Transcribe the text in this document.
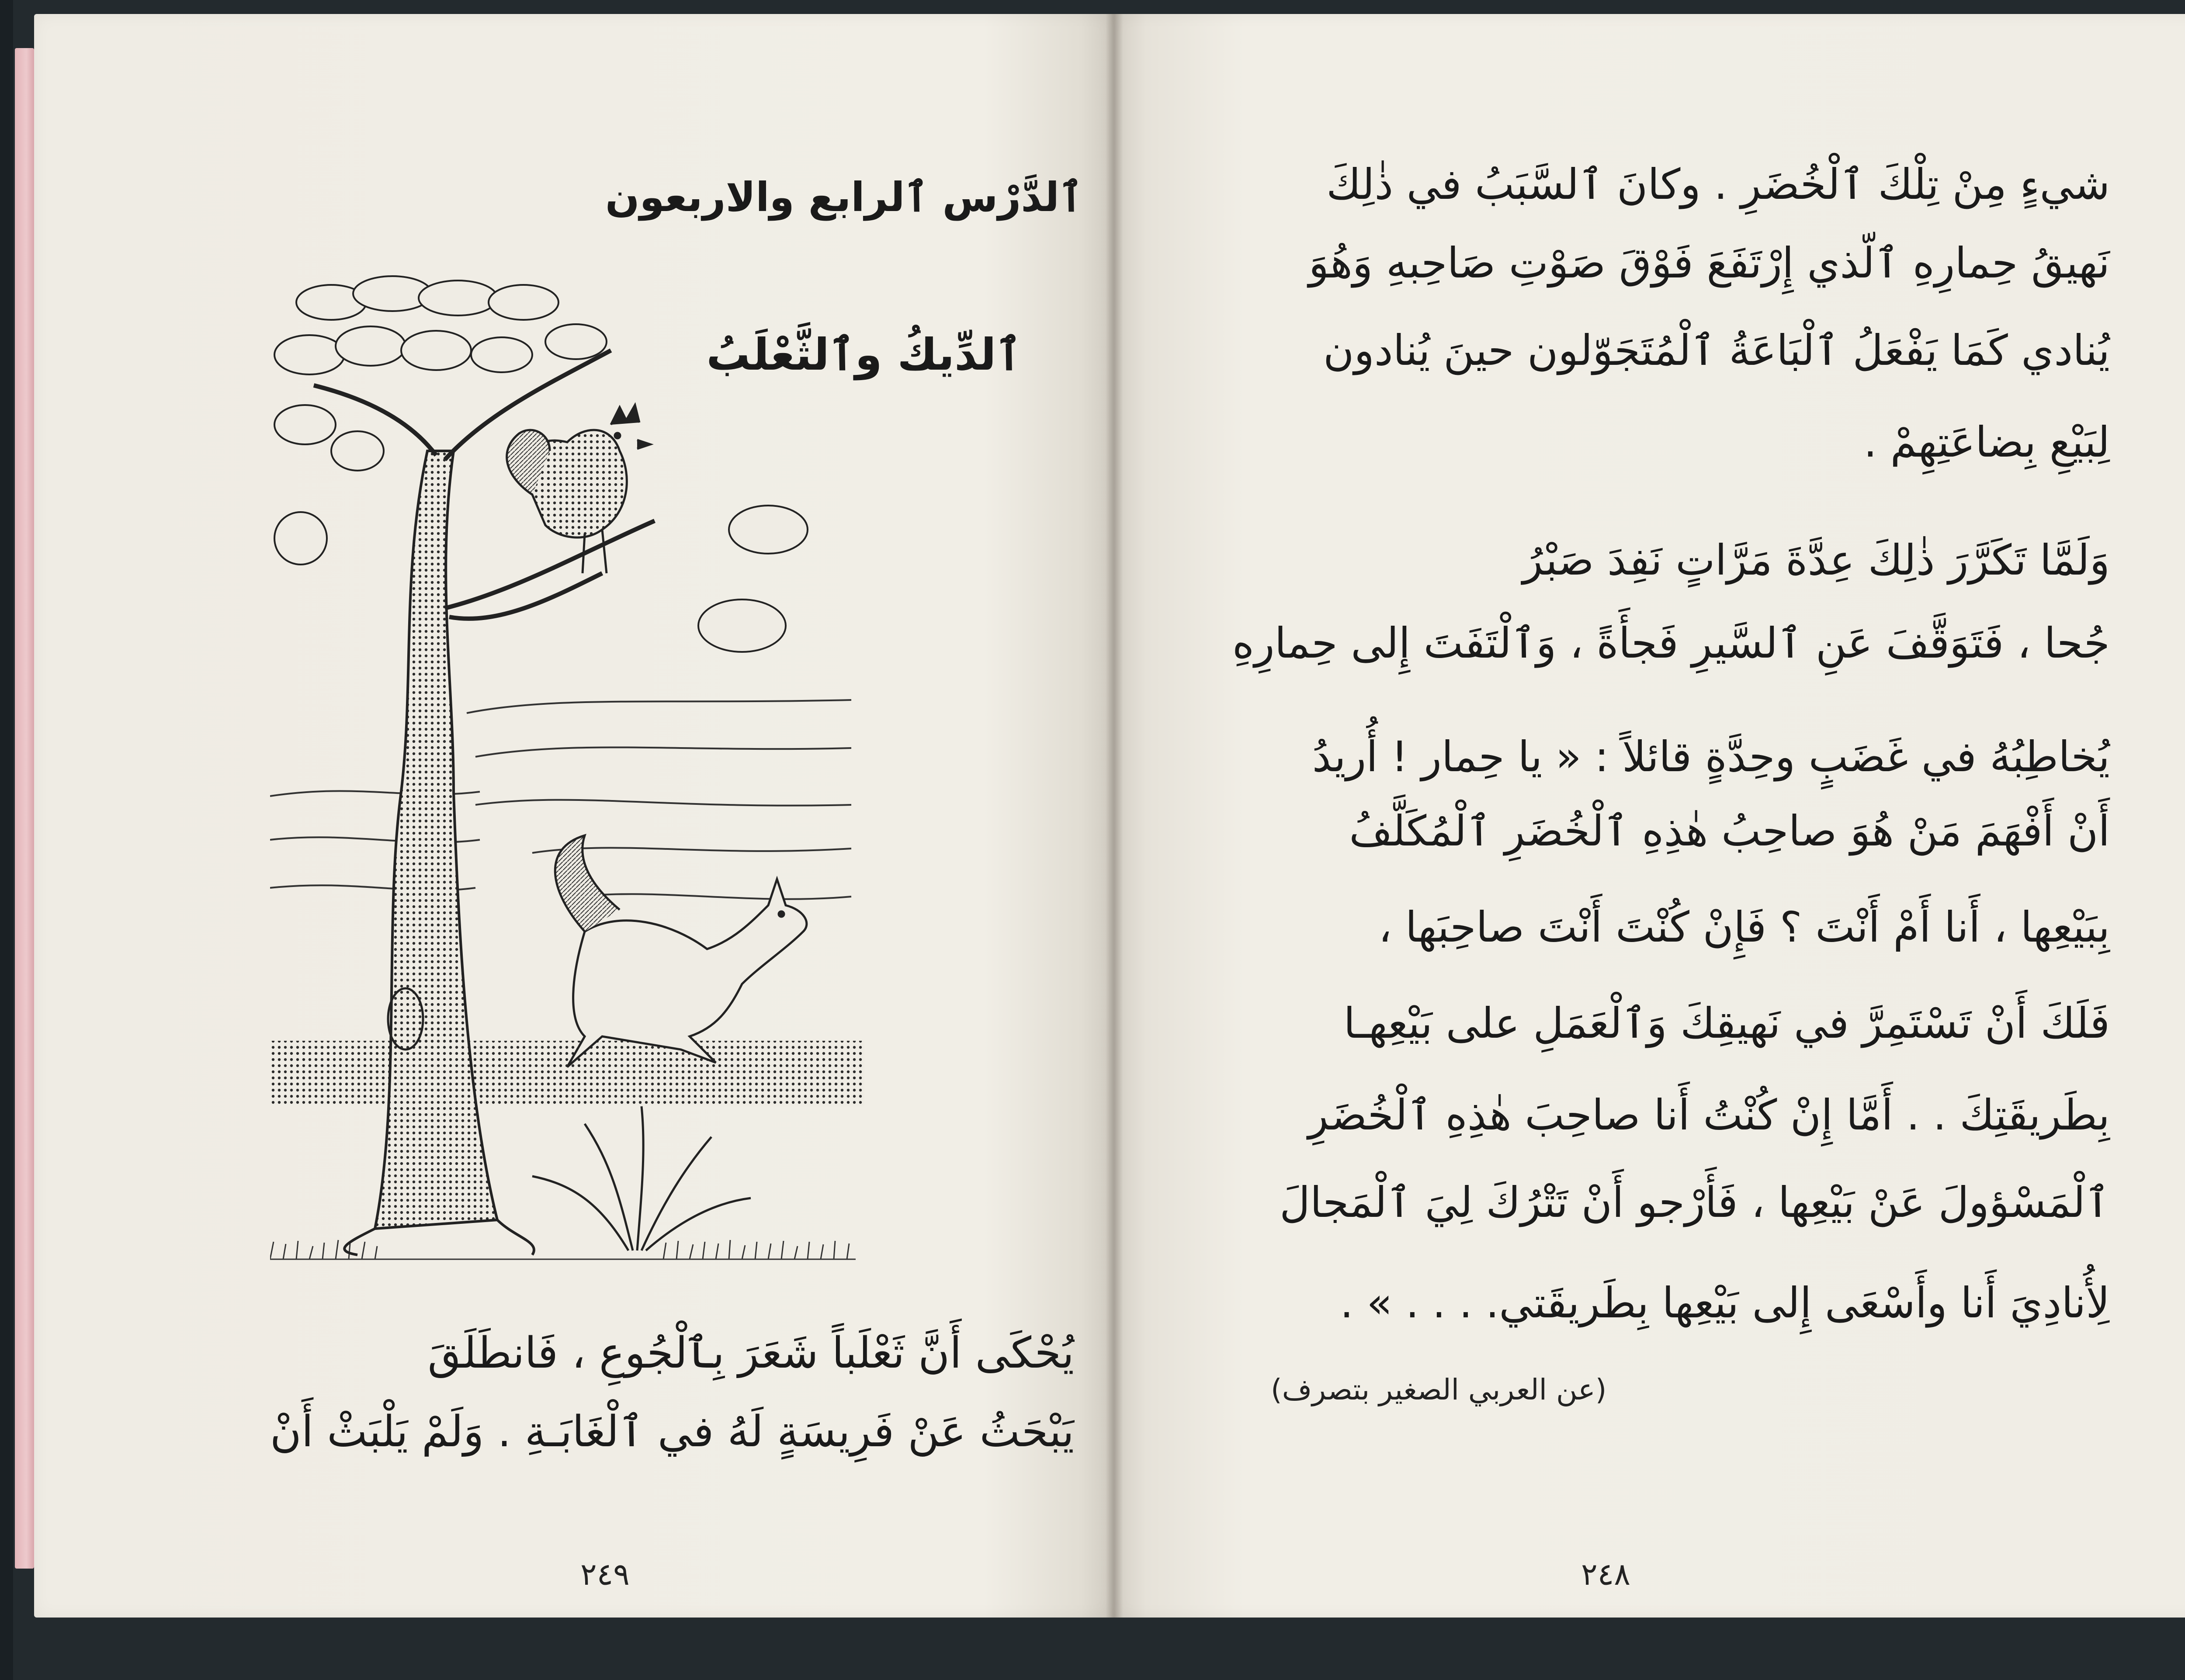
ٱلدَّرْس ٱلرابع والاربعون
ٱلدِّيكُ وٱلثَّعْلَبُ
يُحْكَى أَنَّ ثَعْلَباً شَعَرَ بِٱلْجُوعِ ، فَانطَلَقَ
يَبْحَثُ عَنْ فَرِيسَةٍ لَهُ في ٱلْغَابَـةِ . وَلَمْ يَلْبَثْ أَنْ
٢٤٩
شيءٍ مِنْ تِلْكَ ٱلْخُضَرِ . وكانَ ٱلسَّبَبُ في ذٰلِكَ
نَهيقُ حِمارِهِ ٱلّذي إِرْتَفَعَ فَوْقَ صَوْتِ صَاحِبهِ وَهُوَ
يُنادي كَمَا يَفْعَلُ ٱلْبَاعَةُ ٱلْمُتَجَوّلون حينَ يُنادون
لِبَيْعِ بِضاعَتِهِمْ .
وَلَمَّا تَكَرَّرَ ذٰلِكَ عِدَّةَ مَرَّاتٍ نَفِدَ صَبْرُ
جُحا ، فَتَوَقَّفَ عَنِ ٱلسَّيرِ فَجأَةً ، وَٱلْتَفَتَ إِلى حِمارِهِ
يُخاطِبُهُ في غَضَبٍ وحِدَّةٍ قائلاً : « يا حِمار ! أُريدُ
أَنْ أَفْهَمَ مَنْ هُوَ صاحِبُ هٰذِهِ ٱلْخُضَرِ ٱلْمُكَلَّفُ
بِبَيْعِها ، أَنا أَمْ أَنْتَ ؟ فَإِنْ كُنْتَ أَنْتَ صاحِبَها ،
فَلَكَ أَنْ تَسْتَمِرَّ في نَهيقِكَ وَٱلْعَمَلِ على بَيْعِهـا
بِطَريقَتِكَ . . أَمَّا إِنْ كُنْتُ أَنا صاحِبَ هٰذِهِ ٱلْخُضَرِ
ٱلْمَسْؤولَ عَنْ بَيْعِها ، فَأَرْجو أَنْ تَتْرُكَ لِيَ ٱلْمَجالَ
لِأُنادِيَ أَنا وأَسْعَى إِلى بَيْعِها بِطَريقَتي. . . . » .
(عن العربي الصغير بتصرف)
٢٤٨
